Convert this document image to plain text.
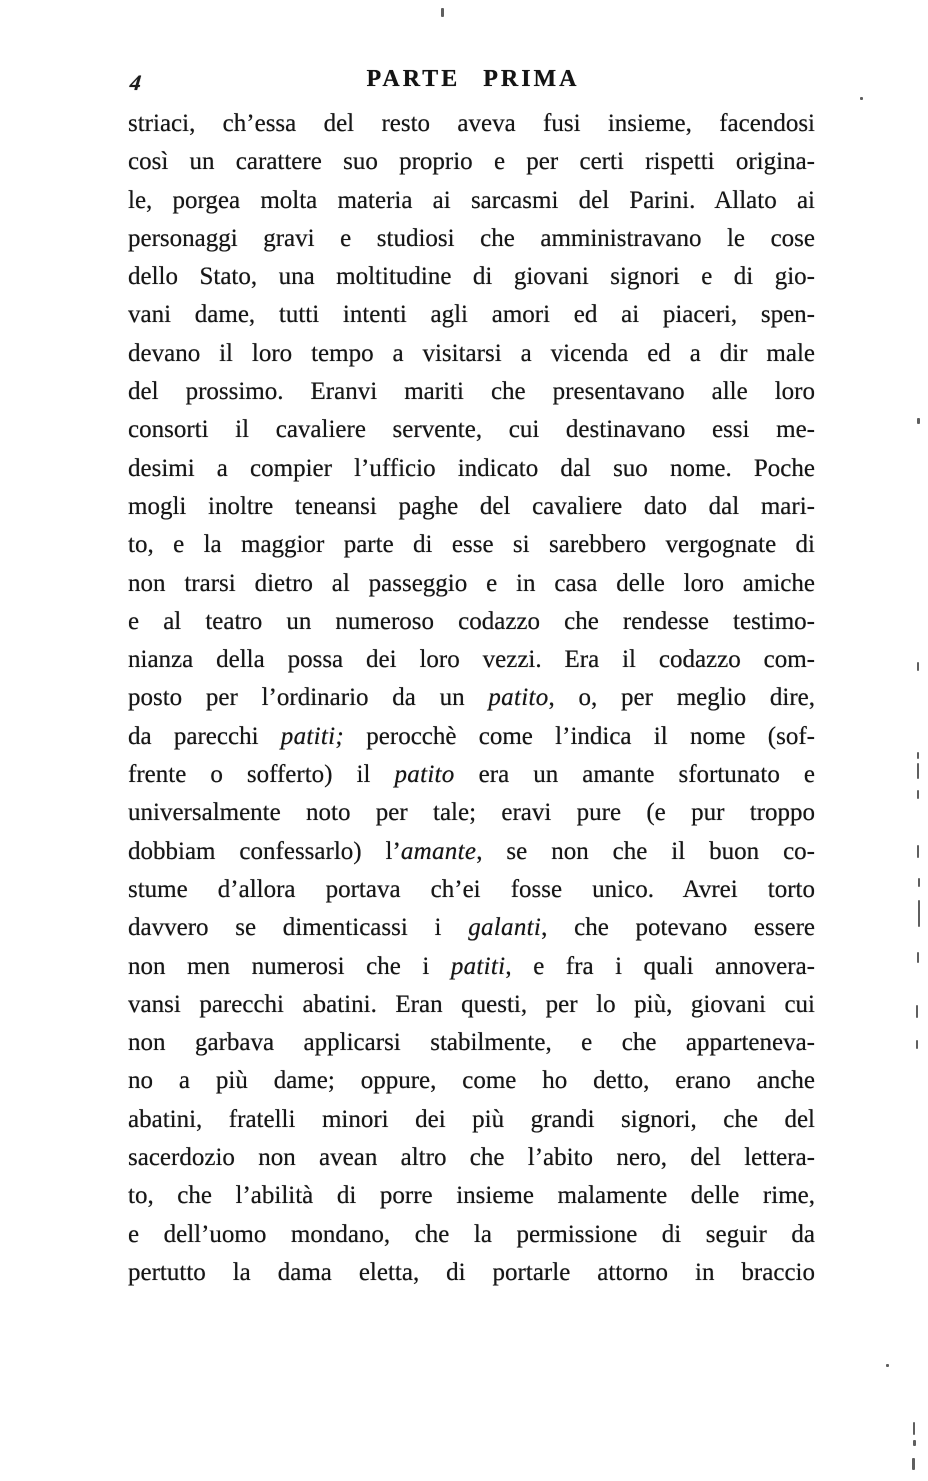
4	PARTE PRIMA
striaci, ch’essa del resto aveva fusi insieme, facendosi
così un carattere suo proprio e per certi rispetti origina-
le, porgea molta materia ai sarcasmi del Parini. Allato ai
personaggi gravi e studiosi che amministravano le cose
dello Stato, una moltitudine di giovani signori e di gio-
vani dame, tutti intenti agli amori ed ai piaceri, spen-
devano il loro tempo a visitarsi a vicenda ed a dir male
del prossimo. Eranvi mariti che presentavano alle loro
consorti il cavaliere servente, cui destinavano essi me-
desimi a compier l’ufficio indicato dal suo nome. Poche
mogli inoltre teneansi paghe del cavaliere dato dal mari-
to, e la maggior parte di esse si sarebbero vergognate di
non trarsi dietro al passeggio e in casa delle loro amiche
e al teatro un numeroso codazzo che rendesse testimo-
nianza della possa dei loro vezzi. Era il codazzo com-
posto per l’ordinario da un patito, o, per meglio dire,
da parecchi patiti; perocchè come l’indica il nome (sof-
frente o sofferto) il patito era un amante sfortunato e
universalmente noto per tale; eravi pure (e pur troppo
dobbiam confessarlo) l’amante, se non che il buon co-
stume d’allora portava ch’ei fosse unico. Avrei torto
davvero se dimenticassi i galanti, che potevano essere
non men numerosi che i patiti, e fra i quali annovera-
vansi parecchi abatini. Eran questi, per lo più, giovani cui
non garbava applicarsi stabilmente, e che apparteneva-
no a più dame; oppure, come ho detto, erano anche
abatini, fratelli minori dei più grandi signori, che del
sacerdozio non avean altro che l’abito nero, del lettera-
to, che l’abilità di porre insieme malamente delle rime,
e dell’uomo mondano, che la permissione di seguir da
pertutto la dama eletta, di portarle attorno in braccio
